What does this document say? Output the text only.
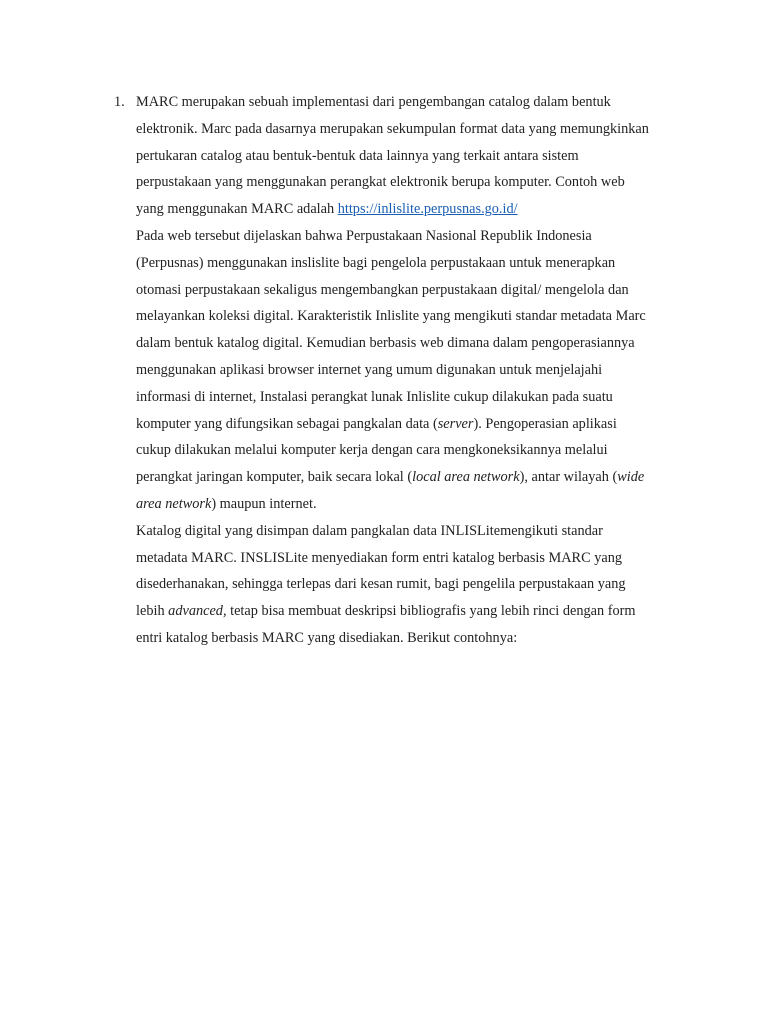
1. MARC merupakan sebuah implementasi dari pengembangan catalog dalam bentuk
elektronik. Marc pada dasarnya merupakan sekumpulan format data yang memungkinkan
pertukaran catalog atau bentuk-bentuk data lainnya yang terkait antara sistem
perpustakaan yang menggunakan perangkat elektronik berupa komputer. Contoh web
yang menggunakan MARC adalah https://inlislite.perpusnas.go.id/

Pada web tersebut dijelaskan bahwa Perpustakaan Nasional Republik Indonesia
(Perpusnas) menggunakan inslislite bagi pengelola perpustakaan untuk menerapkan
otomasi perpustakaan sekaligus mengembangkan perpustakaan digital/ mengelola dan
melayankan koleksi digital. Karakteristik Inlislite yang mengikuti standar metadata Marc
dalam bentuk katalog digital. Kemudian berbasis web dimana dalam pengoperasiannya
menggunakan aplikasi browser internet yang umum digunakan untuk menjelajahi
informasi di internet, Instalasi perangkat lunak Inlislite cukup dilakukan pada suatu
komputer yang difungsikan sebagai pangkalan data (server). Pengoperasian aplikasi
cukup dilakukan melalui komputer kerja dengan cara mengkoneksikannya melalui
perangkat jaringan komputer, baik secara lokal (local area network), antar wilayah (wide
area network) maupun internet.

Katalog digital yang disimpan dalam pangkalan data INLISLitemengikuti standar
metadata MARC. INSLISLite menyediakan form entri katalog berbasis MARC yang
disederhanakan, sehingga terlepas dari kesan rumit, bagi pengelila perpustakaan yang
lebih advanced, tetap bisa membuat deskripsi bibliografis yang lebih rinci dengan form
entri katalog berbasis MARC yang disediakan. Berikut contohnya:
